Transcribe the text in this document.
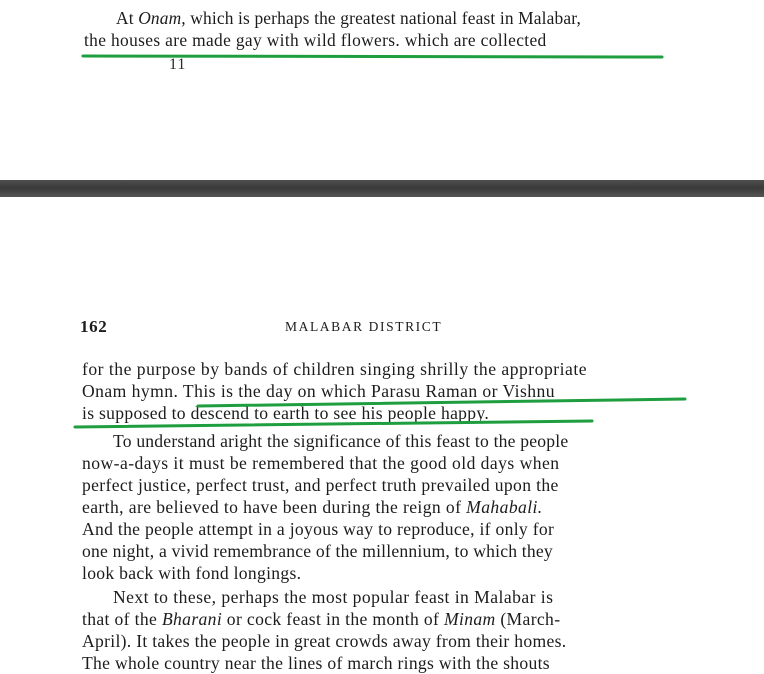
At Onam, which is perhaps the greatest national feast in Malabar,
the houses are made gay with wild flowers. which are collected
11
162	MALABAR DISTRICT
for the purpose by bands of children singing shrilly the appropriate
Onam hymn. This is the day on which Parasu Raman or Vishnu
is supposed to descend to earth to see his people happy.
To understand aright the significance of this feast to the people
now-a-days it must be remembered that the good old days when
perfect justice, perfect trust, and perfect truth prevailed upon the
earth, are believed to have been during the reign of Mahabali.
And the people attempt in a joyous way to reproduce, if only for
one night, a vivid remembrance of the millennium, to which they
look back with fond longings.
Next to these, perhaps the most popular feast in Malabar is
that of the Bharani or cock feast in the month of Minam (March-
April). It takes the people in great crowds away from their homes.
The whole country near the lines of march rings with the shouts
